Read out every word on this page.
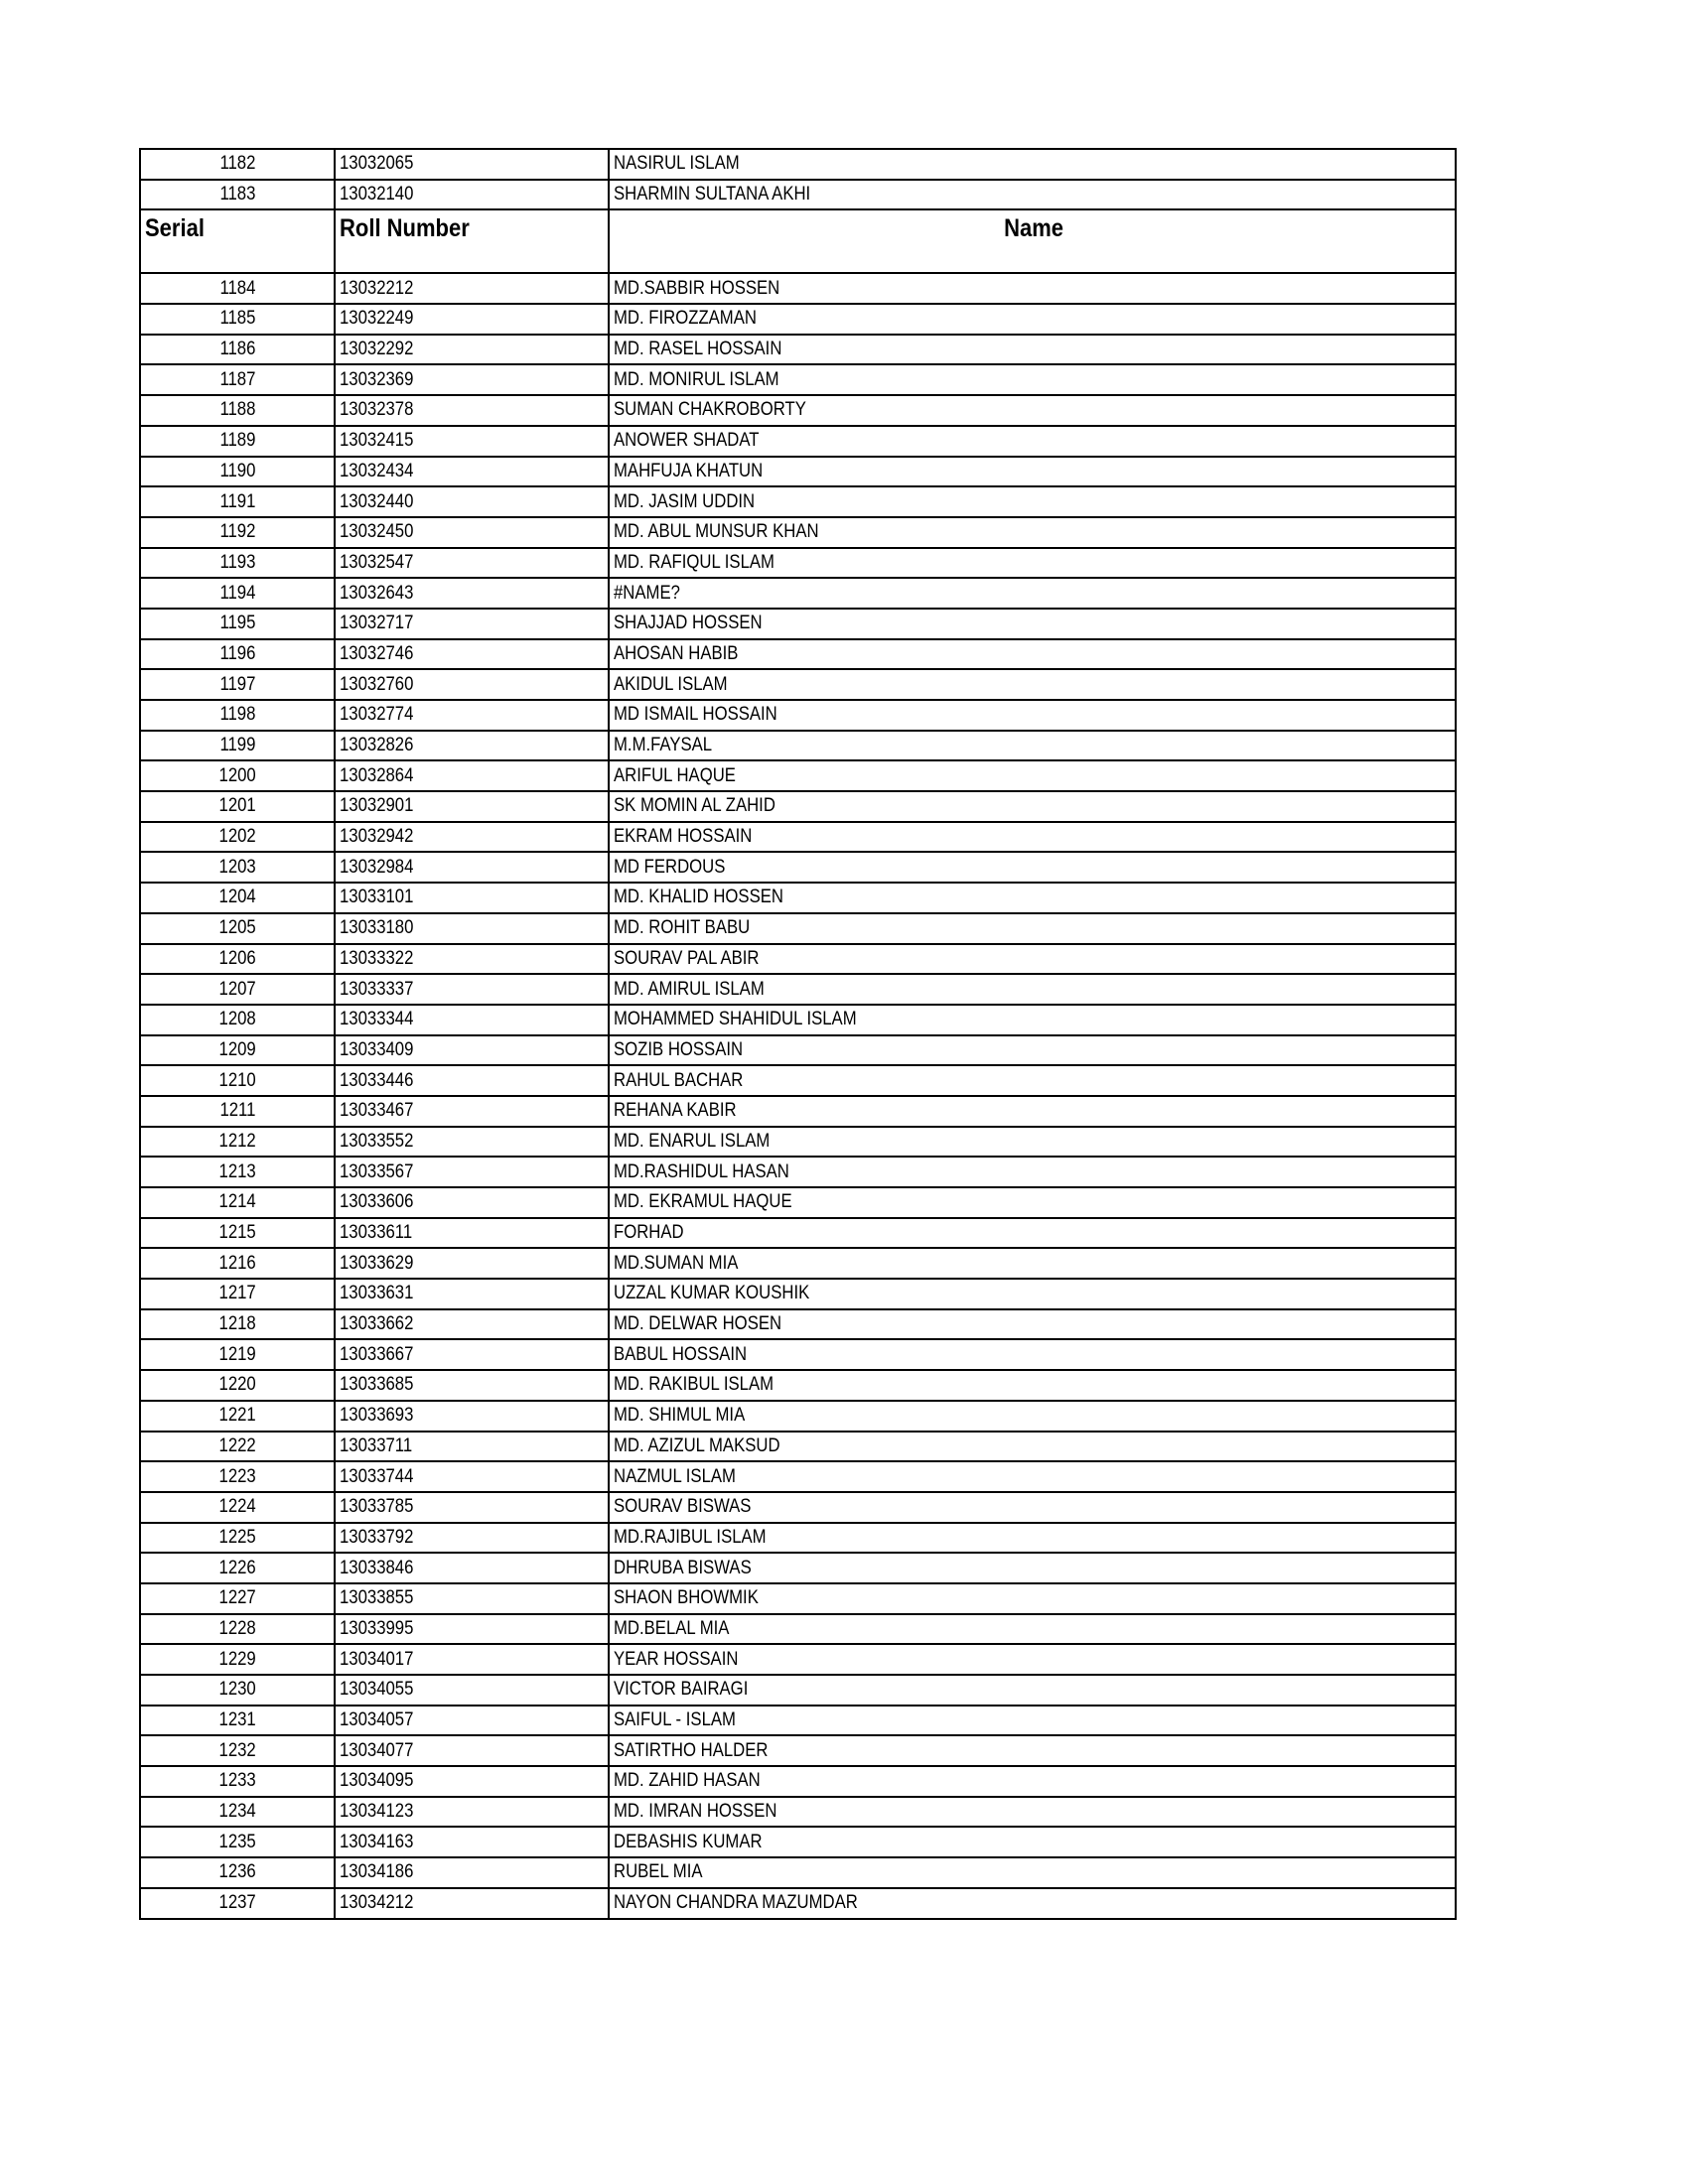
1182	13032065	NASIRUL ISLAM
1183	13032140	SHARMIN SULTANA AKHI
Serial	Roll Number	Name
1184	13032212	MD.SABBIR HOSSEN
1185	13032249	MD. FIROZZAMAN
1186	13032292	MD. RASEL HOSSAIN
1187	13032369	MD. MONIRUL ISLAM
1188	13032378	SUMAN CHAKROBORTY
1189	13032415	ANOWER SHADAT
1190	13032434	MAHFUJA KHATUN
1191	13032440	MD. JASIM UDDIN
1192	13032450	MD. ABUL MUNSUR KHAN
1193	13032547	MD. RAFIQUL ISLAM
1194	13032643	#NAME?
1195	13032717	SHAJJAD HOSSEN
1196	13032746	AHOSAN HABIB
1197	13032760	AKIDUL ISLAM
1198	13032774	MD ISMAIL HOSSAIN
1199	13032826	M.M.FAYSAL
1200	13032864	ARIFUL HAQUE
1201	13032901	SK MOMIN AL ZAHID
1202	13032942	EKRAM HOSSAIN
1203	13032984	MD FERDOUS
1204	13033101	MD. KHALID HOSSEN
1205	13033180	MD. ROHIT BABU
1206	13033322	SOURAV PAL ABIR
1207	13033337	MD. AMIRUL ISLAM
1208	13033344	MOHAMMED SHAHIDUL ISLAM
1209	13033409	SOZIB HOSSAIN
1210	13033446	RAHUL BACHAR
1211	13033467	REHANA KABIR
1212	13033552	MD. ENARUL ISLAM
1213	13033567	MD.RASHIDUL HASAN
1214	13033606	MD. EKRAMUL HAQUE
1215	13033611	FORHAD
1216	13033629	MD.SUMAN MIA
1217	13033631	UZZAL KUMAR KOUSHIK
1218	13033662	MD. DELWAR HOSEN
1219	13033667	BABUL HOSSAIN
1220	13033685	MD. RAKIBUL ISLAM
1221	13033693	MD. SHIMUL MIA
1222	13033711	MD. AZIZUL MAKSUD
1223	13033744	NAZMUL ISLAM
1224	13033785	SOURAV BISWAS
1225	13033792	MD.RAJIBUL ISLAM
1226	13033846	DHRUBA BISWAS
1227	13033855	SHAON BHOWMIK
1228	13033995	MD.BELAL MIA
1229	13034017	YEAR HOSSAIN
1230	13034055	VICTOR BAIRAGI
1231	13034057	SAIFUL - ISLAM
1232	13034077	SATIRTHO HALDER
1233	13034095	MD. ZAHID HASAN
1234	13034123	MD. IMRAN HOSSEN
1235	13034163	DEBASHIS KUMAR
1236	13034186	RUBEL MIA
1237	13034212	NAYON CHANDRA MAZUMDAR
